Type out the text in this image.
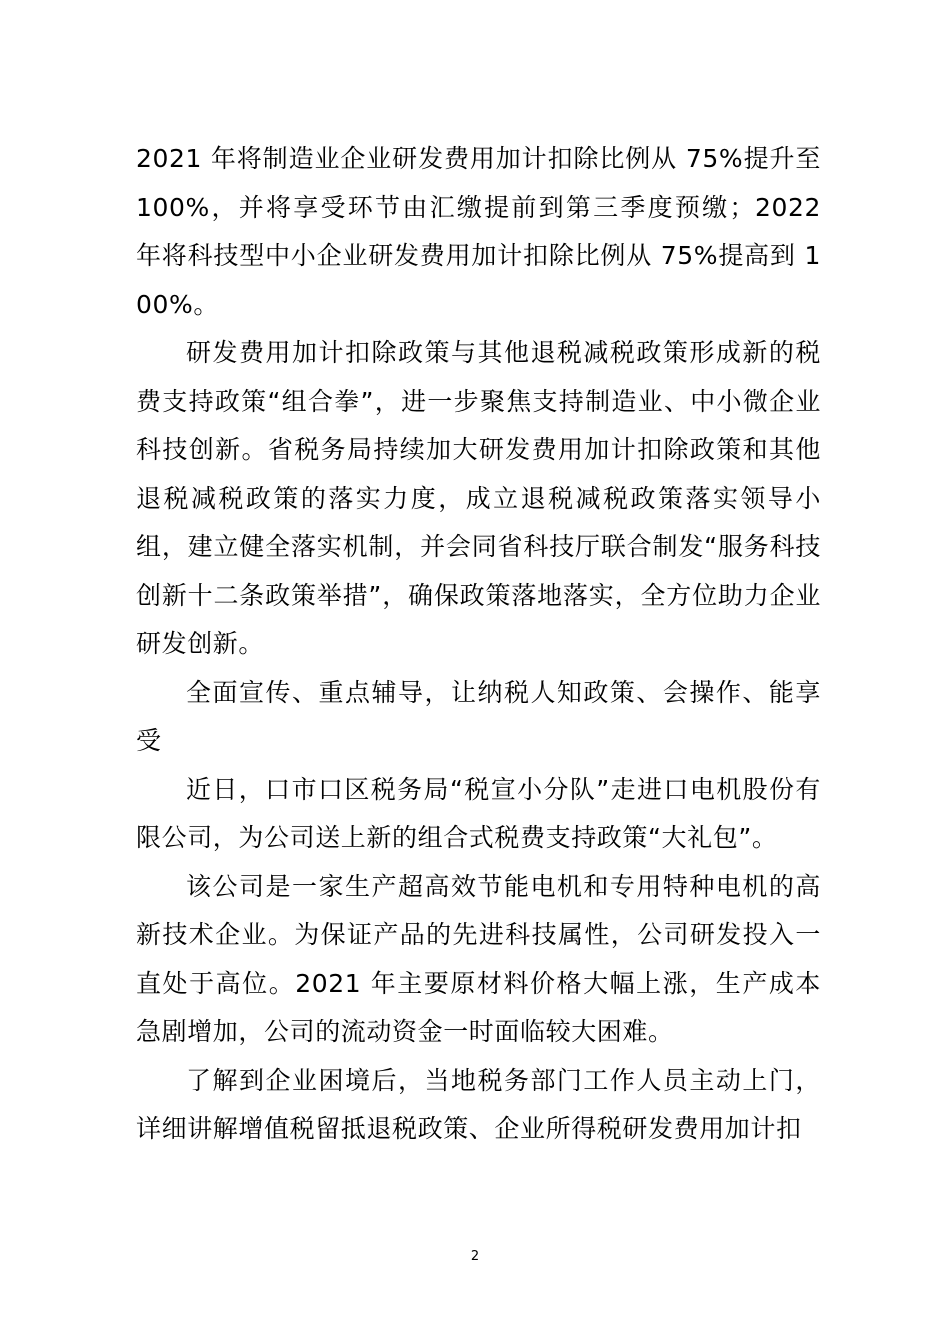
2021 年将制造业企业研发费用加计扣除比例从 75%提升至 100%，并将享受环节由汇缴提前到第三季度预缴；2022 年将科技型中小企业研发费用加计扣除比例从 75%提高到 100%。

研发费用加计扣除政策与其他退税减税政策形成新的税费支持政策“组合拳”，进一步聚焦支持制造业、中小微企业科技创新。省税务局持续加大研发费用加计扣除政策和其他退税减税政策的落实力度，成立退税减税政策落实领导小组，建立健全落实机制，并会同省科技厅联合制发“服务科技创新十二条政策举措”，确保政策落地落实，全方位助力企业研发创新。

全面宣传、重点辅导，让纳税人知政策、会操作、能享受

近日，口市口区税务局“税宣小分队”走进口电机股份有限公司，为公司送上新的组合式税费支持政策“大礼包”。

该公司是一家生产超高效节能电机和专用特种电机的高新技术企业。为保证产品的先进科技属性，公司研发投入一直处于高位。2021 年主要原材料价格大幅上涨，生产成本急剧增加，公司的流动资金一时面临较大困难。

了解到企业困境后，当地税务部门工作人员主动上门，详细讲解增值税留抵退税政策、企业所得税研发费用加计扣

2
